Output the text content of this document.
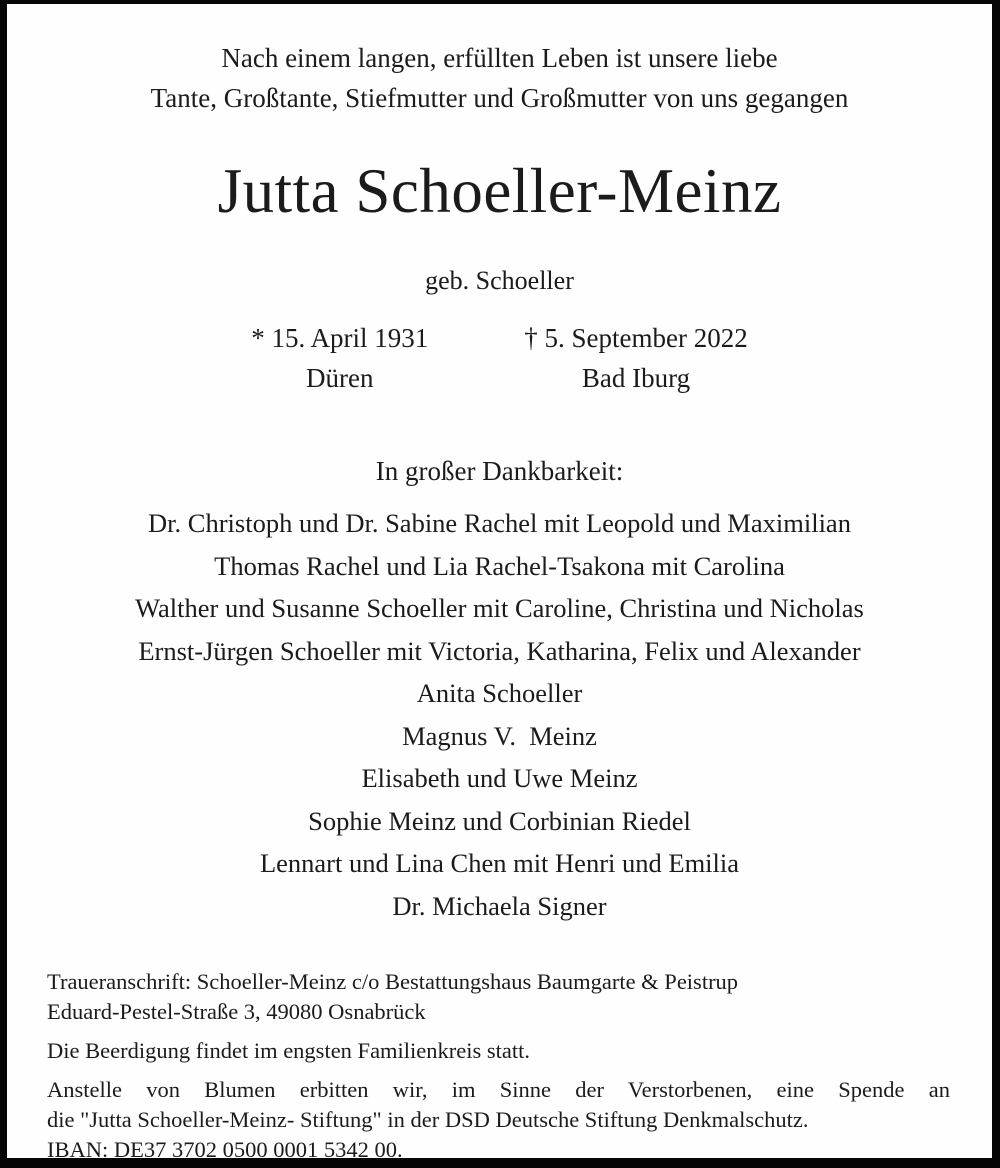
Nach einem langen, erfüllten Leben ist unsere liebe
Tante, Großtante, Stiefmutter und Großmutter von uns gegangen
Jutta Schoeller-Meinz
geb. Schoeller
* 15. April 1931
Düren
† 5. September 2022
Bad Iburg
In großer Dankbarkeit:
Dr. Christoph und Dr. Sabine Rachel mit Leopold und Maximilian
Thomas Rachel und Lia Rachel-Tsakona mit Carolina
Walther und Susanne Schoeller mit Caroline, Christina und Nicholas
Ernst-Jürgen Schoeller mit Victoria, Katharina, Felix und Alexander
Anita Schoeller
Magnus V.  Meinz
Elisabeth und Uwe Meinz
Sophie Meinz und Corbinian Riedel
Lennart und Lina Chen mit Henri und Emilia
Dr. Michaela Signer
Traueranschrift: Schoeller-Meinz c/o Bestattungshaus Baumgarte & Peistrup
Eduard-Pestel-Straße 3, 49080 Osnabrück
Die Beerdigung findet im engsten Familienkreis statt.
Anstelle von Blumen erbitten wir, im Sinne der Verstorbenen, eine Spende an
die "Jutta Schoeller-Meinz- Stiftung" in der DSD Deutsche Stiftung Denkmalschutz.
IBAN: DE37 3702 0500 0001 5342 00.
